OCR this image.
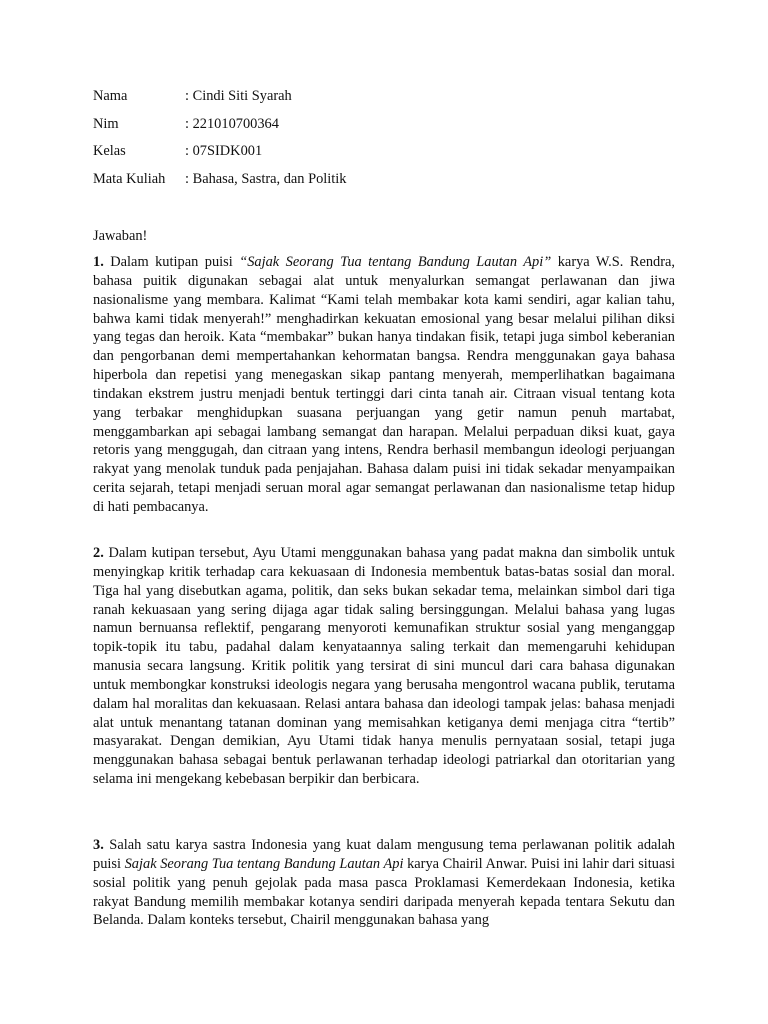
Nama	: Cindi Siti Syarah
Nim	: 221010700364
Kelas	: 07SIDK001
Mata Kuliah : Bahasa, Sastra, dan Politik
Jawaban!

1. Dalam kutipan puisi “Sajak Seorang Tua tentang Bandung Lautan Api” karya W.S. Rendra, bahasa puitik digunakan sebagai alat untuk menyalurkan semangat perlawanan dan jiwa nasionalisme yang membara. Kalimat “Kami telah membakar kota kami sendiri, agar kalian tahu, bahwa kami tidak menyerah!” menghadirkan kekuatan emosional yang besar melalui pilihan diksi yang tegas dan heroik. Kata “membakar” bukan hanya tindakan fisik, tetapi juga simbol keberanian dan pengorbanan demi mempertahankan kehormatan bangsa. Rendra menggunakan gaya bahasa hiperbola dan repetisi yang menegaskan sikap pantang menyerah, memperlihatkan bagaimana tindakan ekstrem justru menjadi bentuk tertinggi dari cinta tanah air. Citraan visual tentang kota yang terbakar menghidupkan suasana perjuangan yang getir namun penuh martabat, menggambarkan api sebagai lambang semangat dan harapan. Melalui perpaduan diksi kuat, gaya retoris yang menggugah, dan citraan yang intens, Rendra berhasil membangun ideologi perjuangan rakyat yang menolak tunduk pada penjajahan. Bahasa dalam puisi ini tidak sekadar menyampaikan cerita sejarah, tetapi menjadi seruan moral agar semangat perlawanan dan nasionalisme tetap hidup di hati pembacanya.

2. Dalam kutipan tersebut, Ayu Utami menggunakan bahasa yang padat makna dan simbolik untuk menyingkap kritik terhadap cara kekuasaan di Indonesia membentuk batas-batas sosial dan moral. Tiga hal yang disebutkan agama, politik, dan seks bukan sekadar tema, melainkan simbol dari tiga ranah kekuasaan yang sering dijaga agar tidak saling bersinggungan. Melalui bahasa yang lugas namun bernuansa reflektif, pengarang menyoroti kemunafikan struktur sosial yang menganggap topik-topik itu tabu, padahal dalam kenyataannya saling terkait dan memengaruhi kehidupan manusia secara langsung. Kritik politik yang tersirat di sini muncul dari cara bahasa digunakan untuk membongkar konstruksi ideologis negara yang berusaha mengontrol wacana publik, terutama dalam hal moralitas dan kekuasaan. Relasi antara bahasa dan ideologi tampak jelas: bahasa menjadi alat untuk menantang tatanan dominan yang memisahkan ketiganya demi menjaga citra “tertib” masyarakat. Dengan demikian, Ayu Utami tidak hanya menulis pernyataan sosial, tetapi juga menggunakan bahasa sebagai bentuk perlawanan terhadap ideologi patriarkal dan otoritarian yang selama ini mengekang kebebasan berpikir dan berbicara.

3. Salah satu karya sastra Indonesia yang kuat dalam mengusung tema perlawanan politik adalah puisi Sajak Seorang Tua tentang Bandung Lautan Api karya Chairil Anwar. Puisi ini lahir dari situasi sosial politik yang penuh gejolak pada masa pasca Proklamasi Kemerdekaan Indonesia, ketika rakyat Bandung memilih membakar kotanya sendiri daripada menyerah kepada tentara Sekutu dan Belanda. Dalam konteks tersebut, Chairil menggunakan bahasa yang
